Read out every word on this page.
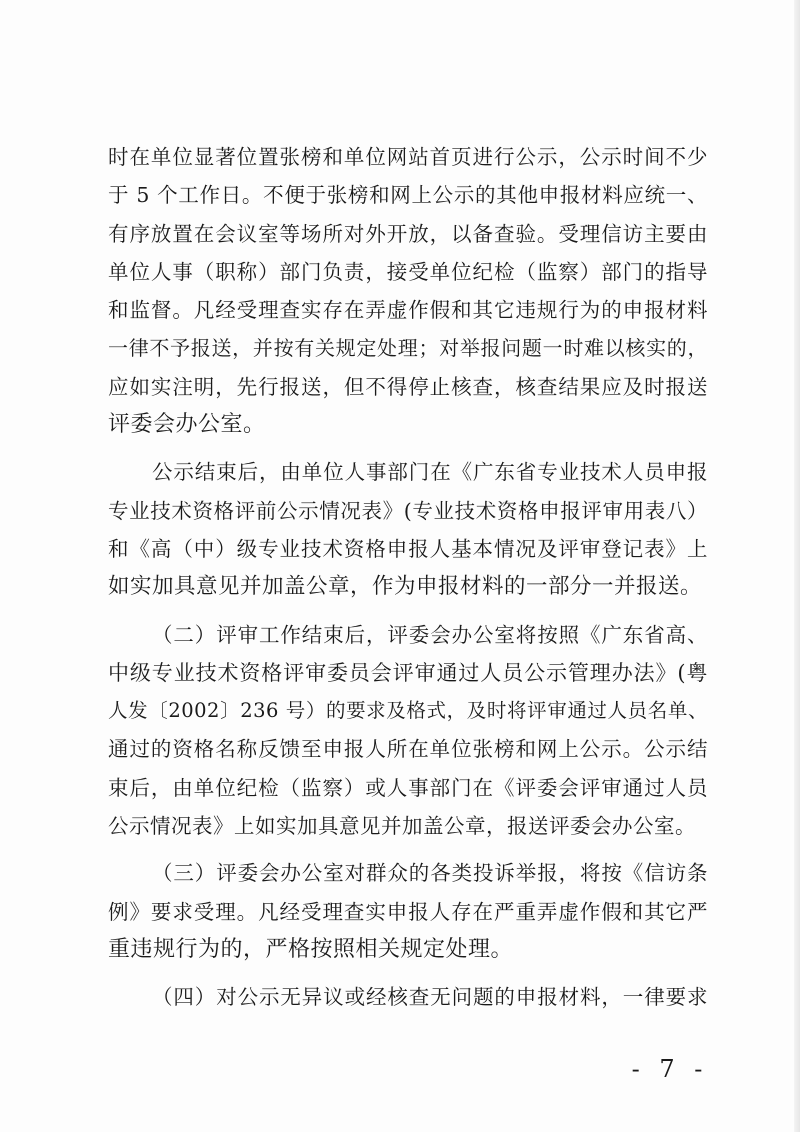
时在单位显著位置张榜和单位网站首页进行公示，公示时间不少
于 5 个工作日。不便于张榜和网上公示的其他申报材料应统一、
有序放置在会议室等场所对外开放，以备查验。受理信访主要由
单位人事（职称）部门负责，接受单位纪检（监察）部门的指导
和监督。凡经受理查实存在弄虚作假和其它违规行为的申报材料
一律不予报送，并按有关规定处理；对举报问题一时难以核实的，
应如实注明，先行报送，但不得停止核查，核查结果应及时报送
评委会办公室。
公示结束后，由单位人事部门在《广东省专业技术人员申报
专业技术资格评前公示情况表》(专业技术资格申报评审用表八）
和《高（中）级专业技术资格申报人基本情况及评审登记表》上
如实加具意见并加盖公章，作为申报材料的一部分一并报送。
（二）评审工作结束后，评委会办公室将按照《广东省高、
中级专业技术资格评审委员会评审通过人员公示管理办法》(粤
人发〔2002〕236 号）的要求及格式，及时将评审通过人员名单、
通过的资格名称反馈至申报人所在单位张榜和网上公示。公示结
束后，由单位纪检（监察）或人事部门在《评委会评审通过人员
公示情况表》上如实加具意见并加盖公章，报送评委会办公室。
（三）评委会办公室对群众的各类投诉举报，将按《信访条
例》要求受理。凡经受理查实申报人存在严重弄虚作假和其它严
重违规行为的，严格按照相关规定处理。
（四）对公示无异议或经核查无问题的申报材料，一律要求
- 7 -
